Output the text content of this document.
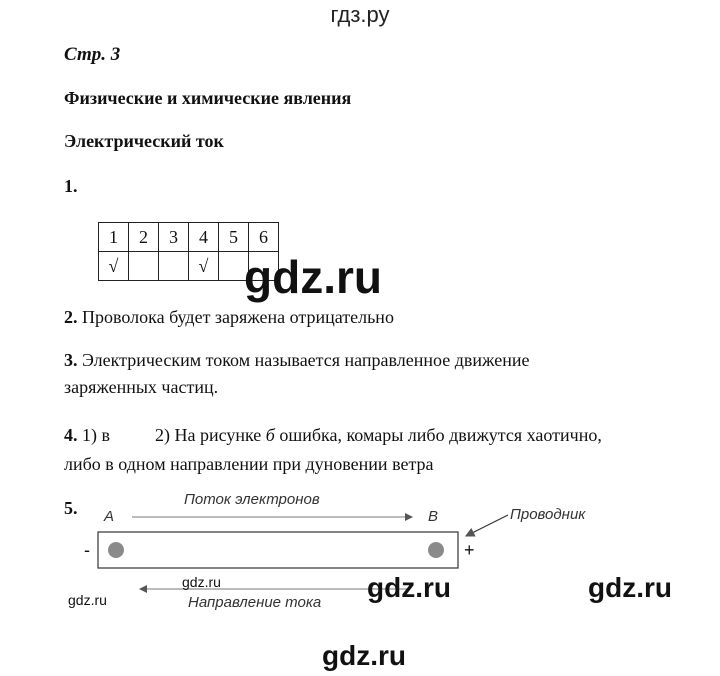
гдз.ру
Стр. 3
Физические и химические явления
Электрический ток
1.
1	2	3	4	5	6
√			√		gdz.ru
2. Проволока будет заряжена отрицательно
3. Электрическим током называется направленное движение
заряженных частиц.
4. 1) в	2) На рисунке б ошибка, комары либо движутся хаотично,
либо в одном направлении при дуновении ветра
5. A	B
Поток электронов
Проводник
-	+
Направление тока
gdz.ru
gdz.ru	gdz.ru	gdz.ru
gdz.ru
